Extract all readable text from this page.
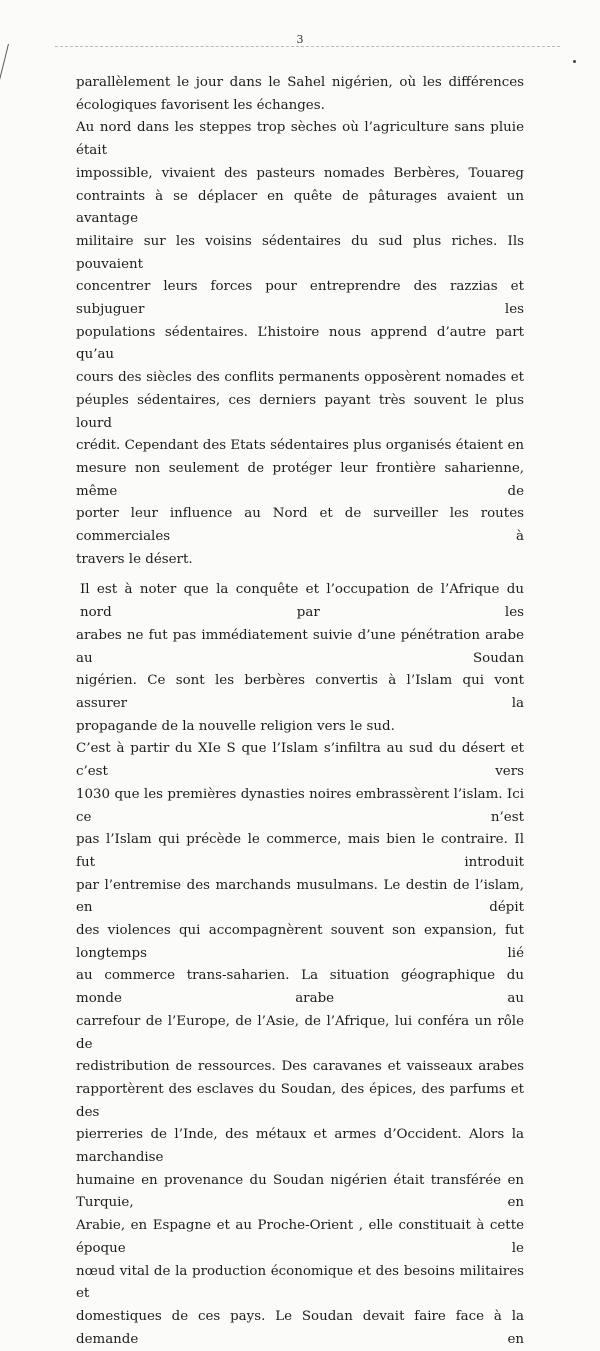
3
parallèlement le jour dans le Sahel nigérien, où les différences
écologiques favorisent les échanges.
Au nord dans les steppes trop sèches où l’agriculture sans pluie était
impossible, vivaient des pasteurs nomades Berbères, Touareg
contraints à se déplacer en quête de pâturages avaient un avantage
militaire sur les voisins sédentaires du sud plus riches. Ils pouvaient
concentrer leurs forces pour entreprendre des razzias et subjuguer les
populations sédentaires. L’histoire nous apprend d’autre part qu’au
cours des siècles des conflits permanents opposèrent nomades et
péuples sédentaires, ces derniers payant très souvent le plus lourd
crédit. Cependant des Etats sédentaires plus organisés étaient en
mesure non seulement de protéger leur frontière saharienne, même de
porter leur influence au Nord et de surveiller les routes commerciales à
travers le désert.
Il est à noter que la conquête et l’occupation de l’Afrique du nord par les
arabes ne fut pas immédiatement suivie d’une pénétration arabe au Soudan
nigérien. Ce sont les berbères convertis à l’Islam qui vont assurer la
propagande de la nouvelle religion vers le sud.
C’est à partir du XIe S que l’Islam s’infiltra au sud du désert et c’est vers
1030 que les premières dynasties noires embrassèrent l’islam. Ici ce n’est
pas l’Islam qui précède le commerce, mais bien le contraire. Il fut introduit
par l’entremise des marchands musulmans. Le destin de l’islam, en dépit
des violences qui accompagnèrent souvent son expansion, fut longtemps lié
au commerce trans-saharien. La situation géographique du monde arabe au
carrefour de l’Europe, de l’Asie, de l’Afrique, lui conféra un rôle de
redistribution de ressources. Des caravanes et vaisseaux arabes
rapportèrent des esclaves du Soudan, des épices, des parfums et des
pierreries de l’Inde, des métaux et armes d’Occident. Alors la marchandise
humaine en provenance du Soudan nigérien était transférée en Turquie, en
Arabie, en Espagne et au Proche-Orient , elle constituait à cette époque le
nœud vital de la production économique et des besoins militaires et
domestiques de ces pays. Le Soudan devait faire face à la demande en
